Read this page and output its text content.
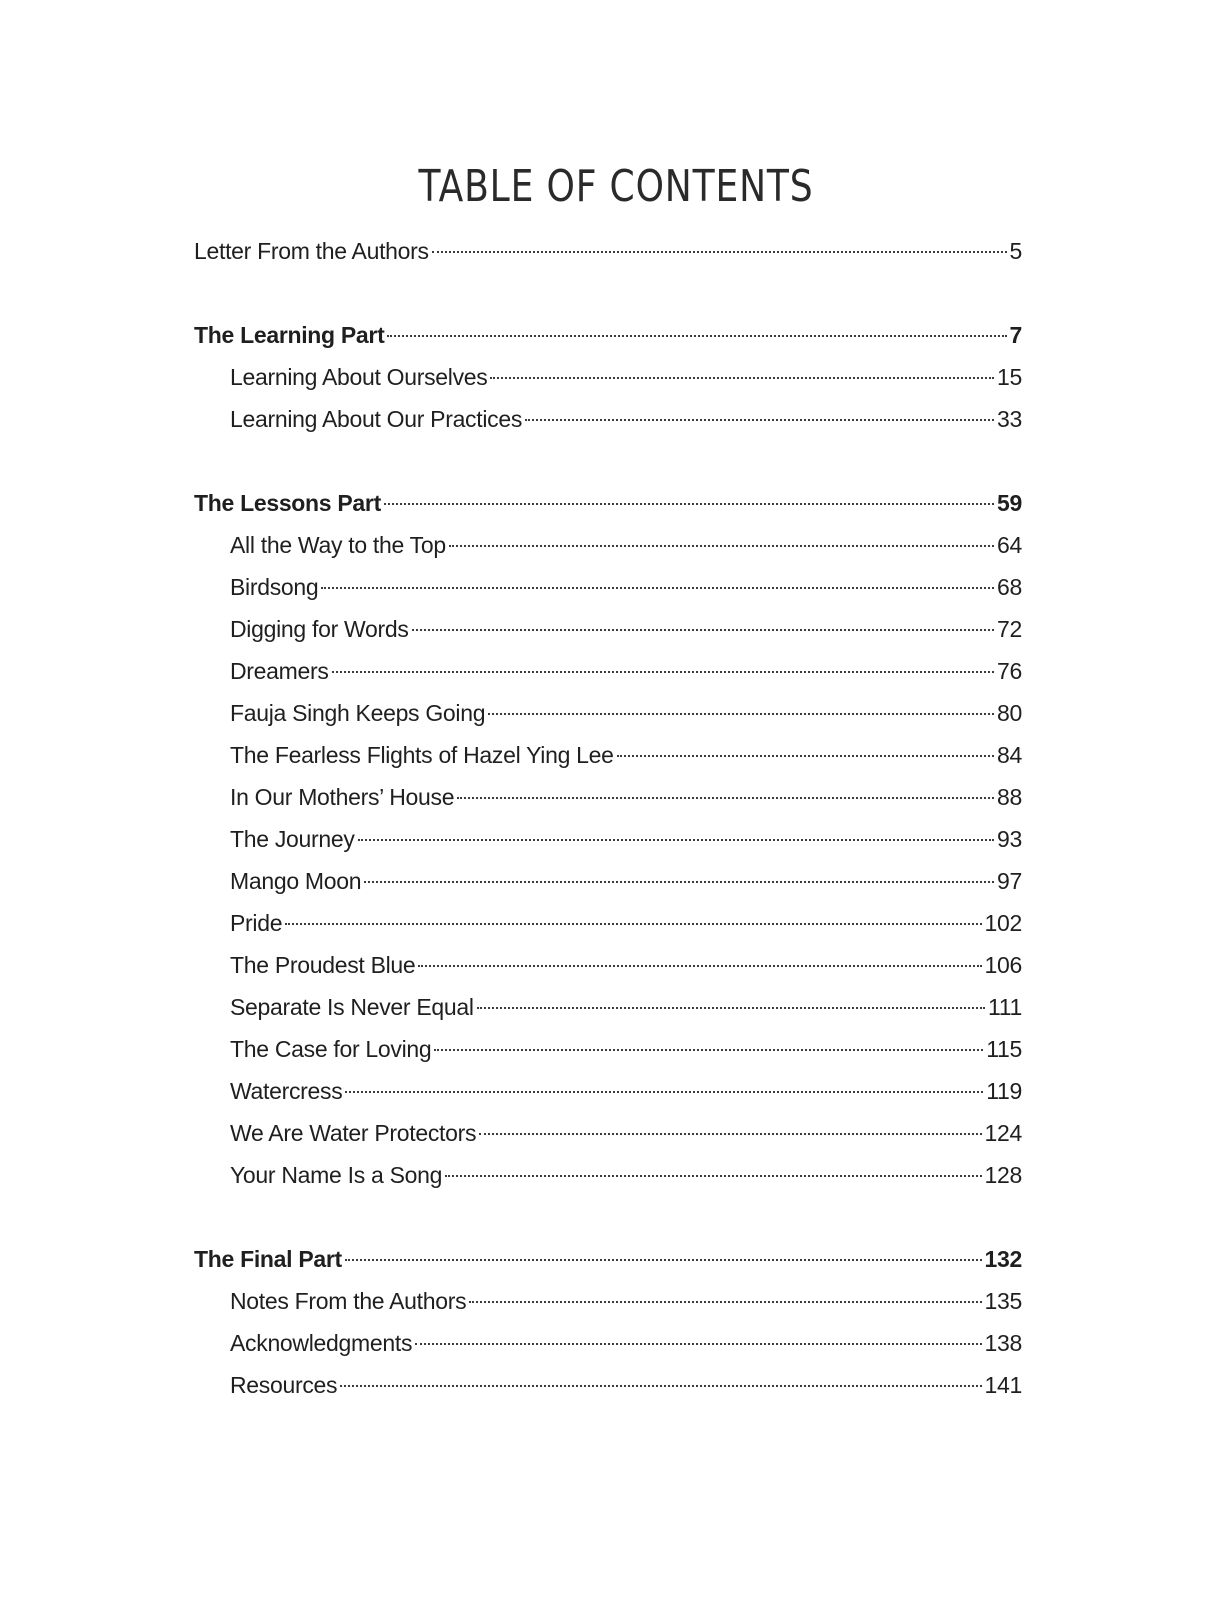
TABLE OF CONTENTS
Letter From the Authors	5
The Learning Part	7
Learning About Ourselves	15
Learning About Our Practices	33
The Lessons Part	59
All the Way to the Top	64
Birdsong	68
Digging for Words	72
Dreamers	76
Fauja Singh Keeps Going	80
The Fearless Flights of Hazel Ying Lee	84
In Our Mothers’ House	88
The Journey	93
Mango Moon	97
Pride	102
The Proudest Blue	106
Separate Is Never Equal	111
The Case for Loving	115
Watercress	119
We Are Water Protectors	124
Your Name Is a Song	128
The Final Part	132
Notes From the Authors	135
Acknowledgments	138
Resources	141
